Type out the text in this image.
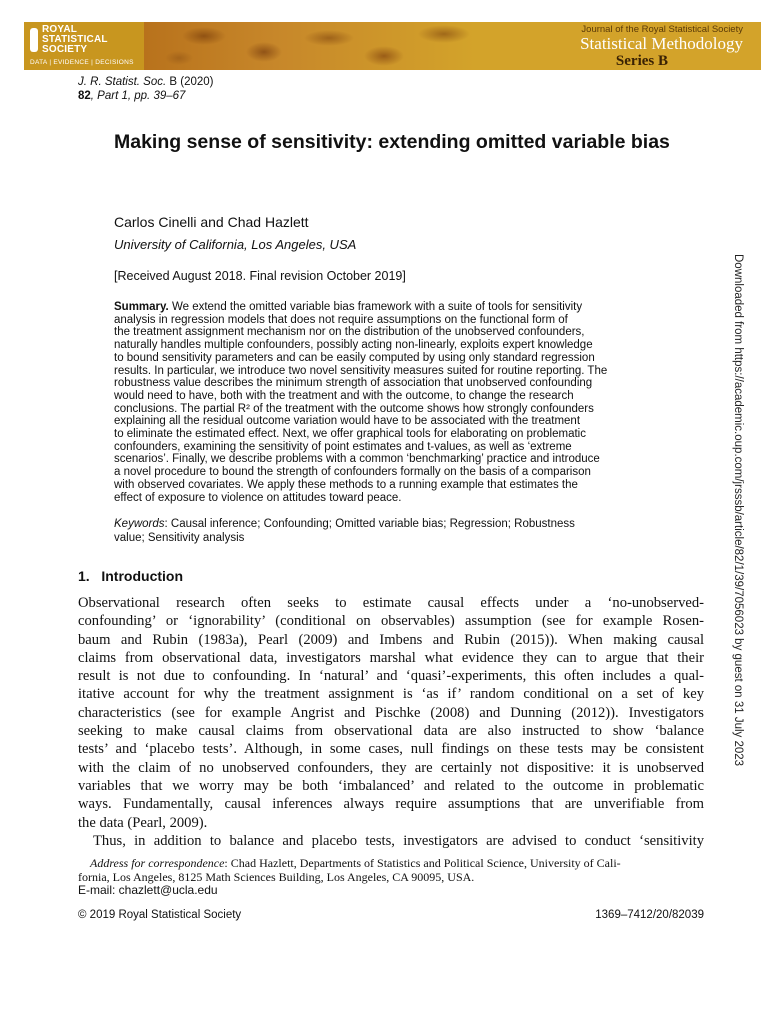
ROYAL
STATISTICAL
SOCIETY
DATA | EVIDENCE | DECISIONS
Journal of the Royal Statistical Society
Statistical Methodology
Series B
J. R. Statist. Soc. B (2020)
82, Part 1, pp. 39–67
Making sense of sensitivity: extending omitted variable bias
Carlos Cinelli and Chad Hazlett
University of California, Los Angeles, USA
[Received August 2018. Final revision October 2019]
Summary. We extend the omitted variable bias framework with a suite of tools for sensitivity
analysis in regression models that does not require assumptions on the functional form of
the treatment assignment mechanism nor on the distribution of the unobserved confounders,
naturally handles multiple confounders, possibly acting non-linearly, exploits expert knowledge
to bound sensitivity parameters and can be easily computed by using only standard regression
results. In particular, we introduce two novel sensitivity measures suited for routine reporting. The
robustness value describes the minimum strength of association that unobserved confounding
would need to have, both with the treatment and with the outcome, to change the research
conclusions. The partial R² of the treatment with the outcome shows how strongly confounders
explaining all the residual outcome variation would have to be associated with the treatment
to eliminate the estimated effect. Next, we offer graphical tools for elaborating on problematic
confounders, examining the sensitivity of point estimates and t-values, as well as ‘extreme
scenarios’. Finally, we describe problems with a common ‘benchmarking’ practice and introduce
a novel procedure to bound the strength of confounders formally on the basis of a comparison
with observed covariates. We apply these methods to a running example that estimates the
effect of exposure to violence on attitudes toward peace.
Keywords: Causal inference; Confounding; Omitted variable bias; Regression; Robustness
value; Sensitivity analysis
1. Introduction
Observational research often seeks to estimate causal effects under a ‘no-unobserved-
confounding’ or ‘ignorability’ (conditional on observables) assumption (see for example Rosen-
baum and Rubin (1983a), Pearl (2009) and Imbens and Rubin (2015)). When making causal
claims from observational data, investigators marshal what evidence they can to argue that their
result is not due to confounding. In ‘natural’ and ‘quasi’-experiments, this often includes a qual-
itative account for why the treatment assignment is ‘as if’ random conditional on a set of key
characteristics (see for example Angrist and Pischke (2008) and Dunning (2012)). Investigators
seeking to make causal claims from observational data are also instructed to show ‘balance
tests’ and ‘placebo tests’. Although, in some cases, null findings on these tests may be consistent
with the claim of no unobserved confounders, they are certainly not dispositive: it is unobserved
variables that we worry may be both ‘imbalanced’ and related to the outcome in problematic
ways. Fundamentally, causal inferences always require assumptions that are unverifiable from
the data (Pearl, 2009).
Thus, in addition to balance and placebo tests, investigators are advised to conduct ‘sensitivity
Address for correspondence: Chad Hazlett, Departments of Statistics and Political Science, University of Cali-
fornia, Los Angeles, 8125 Math Sciences Building, Los Angeles, CA 90095, USA.
E-mail: chazlett@ucla.edu
© 2019 Royal Statistical Society	1369–7412/20/82039
Downloaded from https://academic.oup.com/jrsssb/article/82/1/39/7056023 by guest on 31 July 2023
